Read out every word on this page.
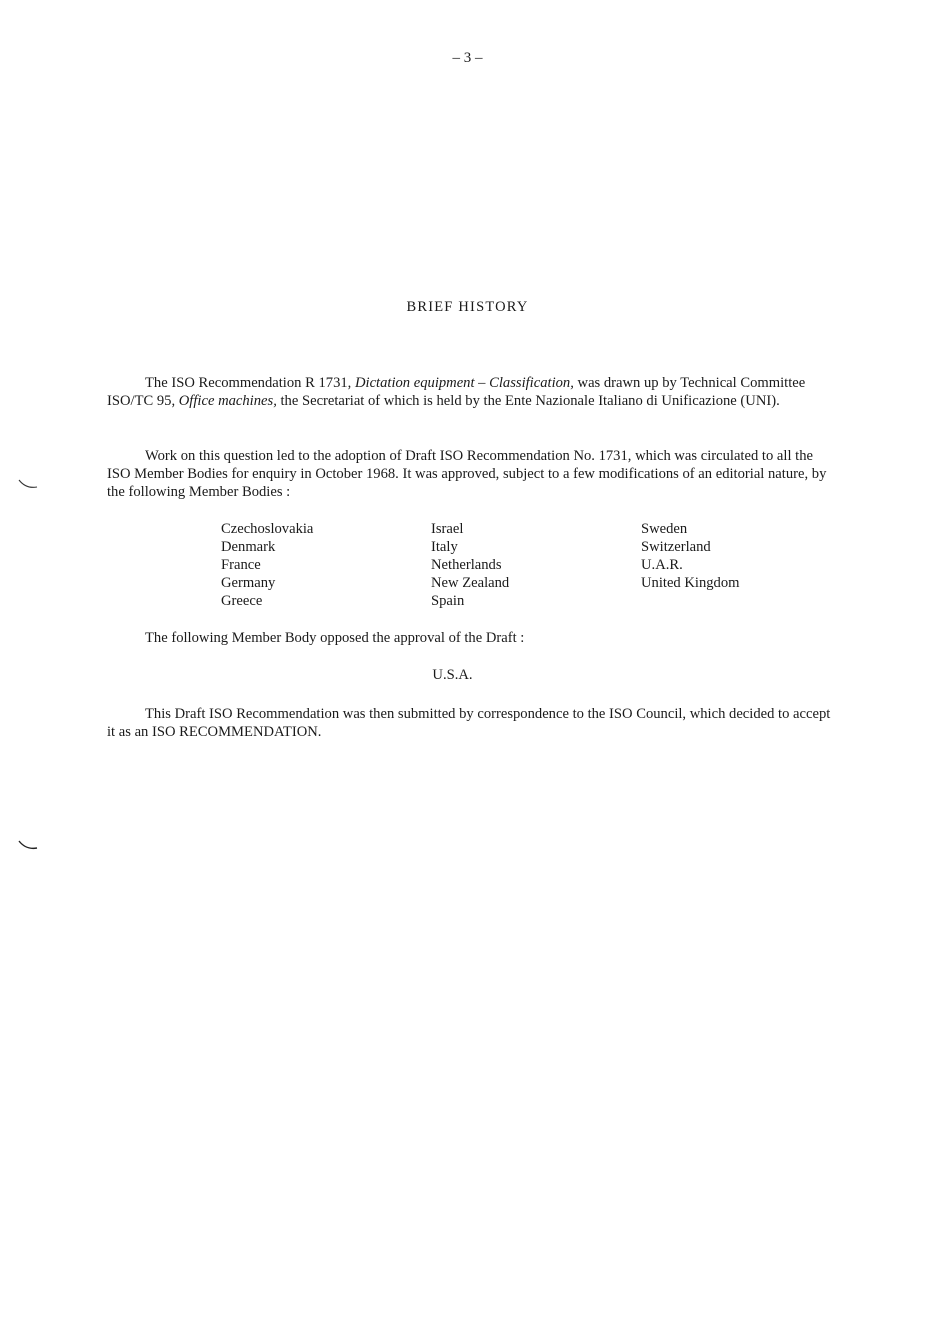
– 3 –
BRIEF HISTORY

The ISO Recommendation R 1731, Dictation equipment – Classification, was drawn up by Technical Committee ISO/TC 95, Office machines, the Secretariat of which is held by the Ente Nazionale Italiano di Unificazione (UNI).

Work on this question led to the adoption of Draft ISO Recommendation No. 1731, which was circulated to all the ISO Member Bodies for enquiry in October 1968. It was approved, subject to a few modifications of an editorial nature, by the following Member Bodies :

Czechoslovakia
Denmark
France
Germany
Greece
Israel
Italy
Netherlands
New Zealand
Spain
Sweden
Switzerland
U.A.R.
United Kingdom

The following Member Body opposed the approval of the Draft :

U.S.A.

This Draft ISO Recommendation was then submitted by correspondence to the ISO Council, which decided to accept it as an ISO RECOMMENDATION.
